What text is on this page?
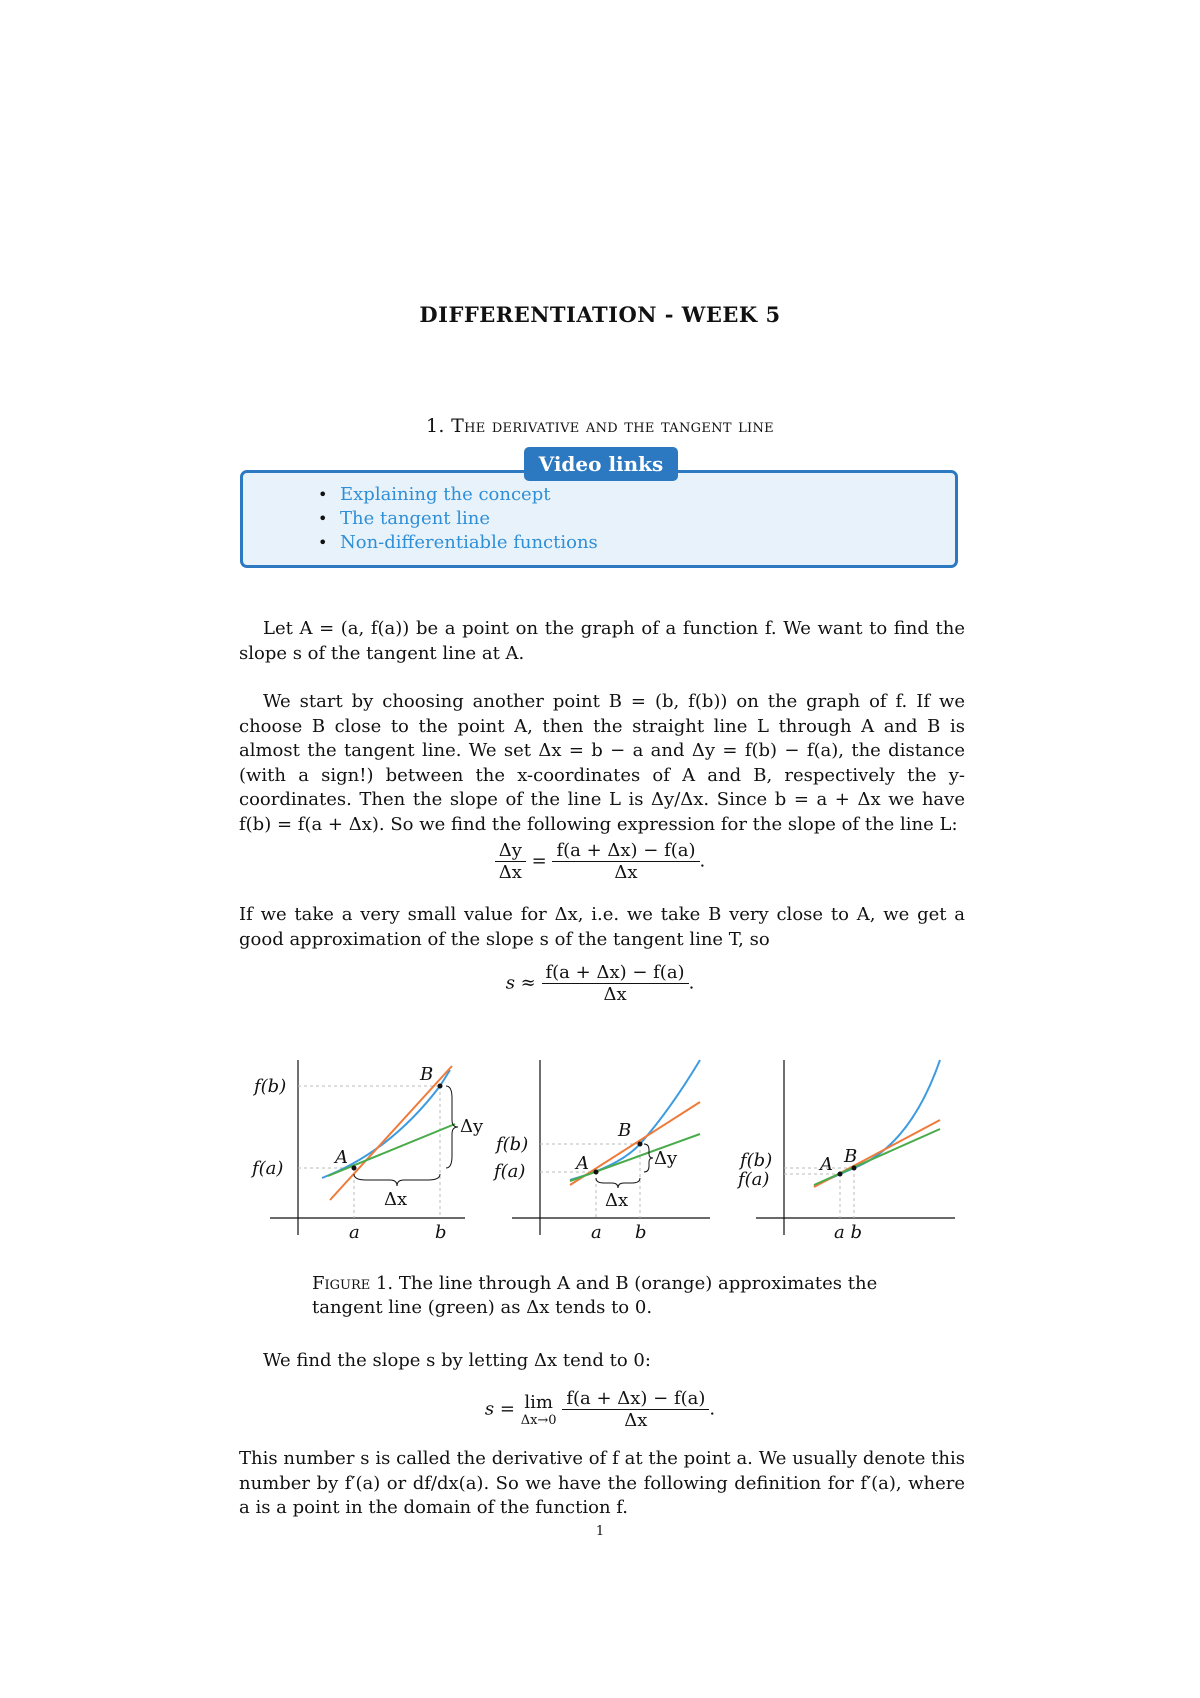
DIFFERENTIATION - WEEK 5
1. The derivative and the tangent line
Video links
• Explaining the concept
• The tangent line
• Non-differentiable functions
Let A = (a, f(a)) be a point on the graph of a function f. We want to find the slope s of the tangent line at A.
We start by choosing another point B = (b, f(b)) on the graph of f. If we choose B close to the point A, then the straight line L through A and B is almost the tangent line. We set Δx = b − a and Δy = f(b) − f(a), the distance (with a sign!) between the x-coordinates of A and B, respectively the y-coordinates. Then the slope of the line L is Δy/Δx. Since b = a + Δx we have f(b) = f(a + Δx). So we find the following expression for the slope of the line L:
$\frac{\Delta y}{\Delta x} = \frac{f(a + \Delta x) - f(a)}{\Delta x}$ .
If we take a very small value for Δx, i.e. we take B very close to A, we get a good approximation of the slope s of the tangent line T, so
$s \approx \frac{f(a + \Delta x) - f(a)}{\Delta x}$ .
f(b)
f(a)
A
B
Δx
Δy
a	b
f(b)
f(a)	A
B
Δx
Δy
a b
f(b)
f(a)
A B
a b
Figure 1. The line through A and B (orange) approximates the tangent line (green) as Δx tends to 0.
We find the slope s by letting Δx tend to 0:
s = lim
Δx→0
$\frac{f(a + \Delta x) - f(a)}{\Delta x}$ .
This number s is called the derivative of f at the point a. We usually denote this number by f′(a) or df/dx(a). So we have the following definition for f′(a), where a is a point in the domain of the function f.
1
